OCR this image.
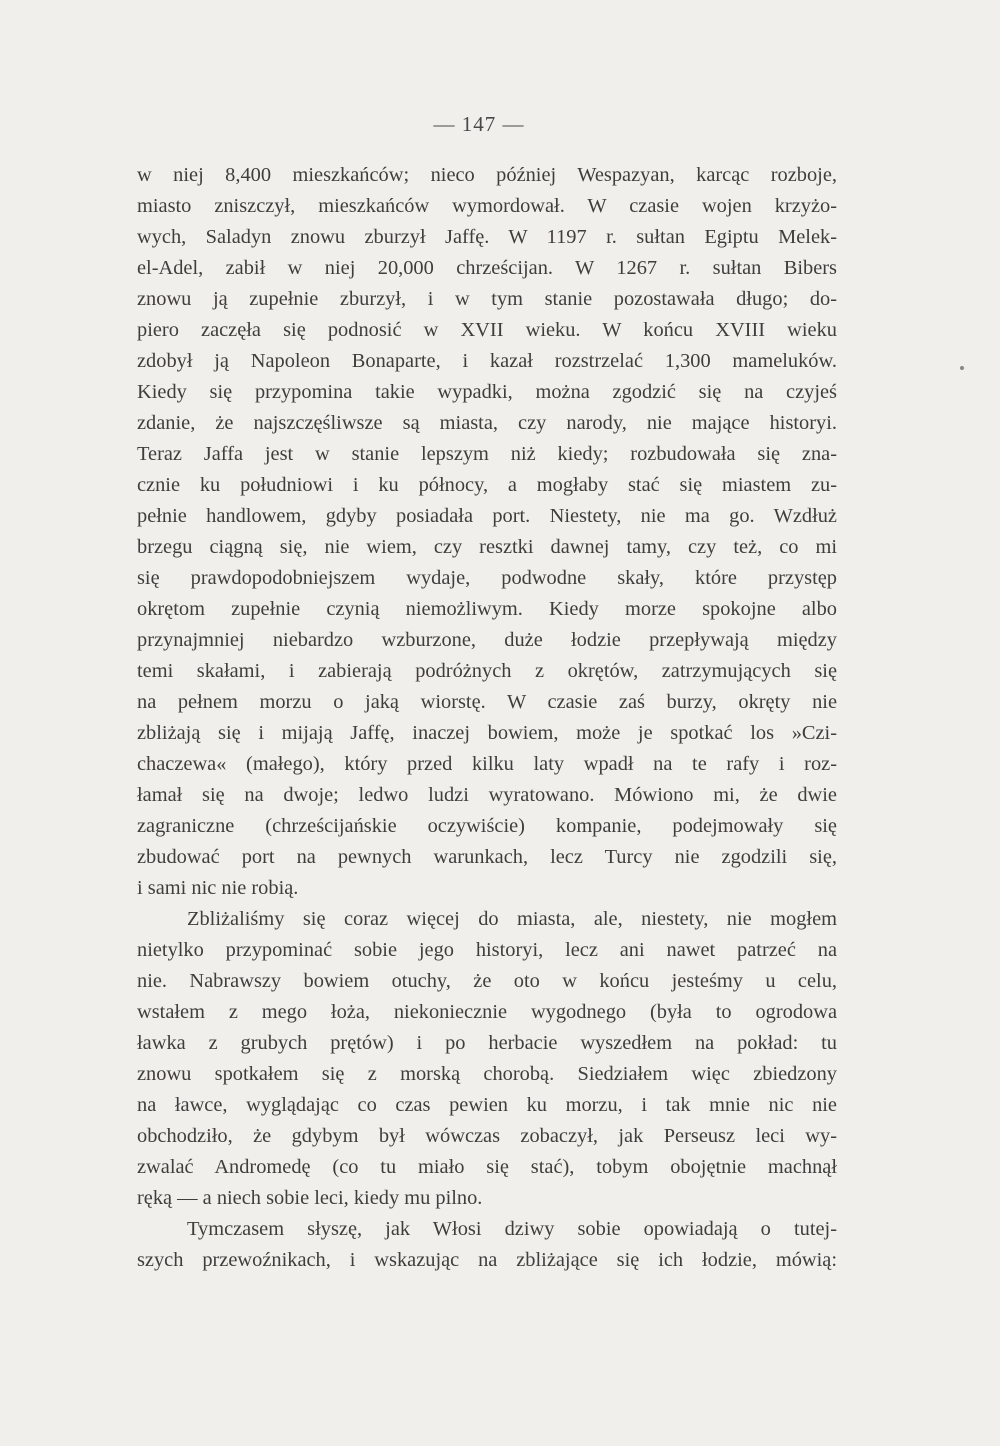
— 147 —
w niej 8,400 mieszkańców; nieco później Wespazyan, karcąc rozboje,
miasto zniszczył, mieszkańców wymordował. W czasie wojen krzyżo-
wych, Saladyn znowu zburzył Jaffę. W 1197 r. sułtan Egiptu Melek-
el-Adel, zabił w niej 20,000 chrześcijan. W 1267 r. sułtan Bibers
znowu ją zupełnie zburzył, i w tym stanie pozostawała długo; do-
piero zaczęła się podnosić w XVII wieku. W końcu XVIII wieku
zdobył ją Napoleon Bonaparte, i kazał rozstrzelać 1,300 mameluków.
Kiedy się przypomina takie wypadki, można zgodzić się na czyjeś
zdanie, że najszczęśliwsze są miasta, czy narody, nie mające historyi.
Teraz Jaffa jest w stanie lepszym niż kiedy; rozbudowała się zna-
cznie ku południowi i ku północy, a mogłaby stać się miastem zu-
pełnie handlowem, gdyby posiadała port. Niestety, nie ma go. Wzdłuż
brzegu ciągną się, nie wiem, czy resztki dawnej tamy, czy też, co mi
się prawdopodobniejszem wydaje, podwodne skały, które przystęp
okrętom zupełnie czynią niemożliwym. Kiedy morze spokojne albo
przynajmniej niebardzo wzburzone, duże łodzie przepływają między
temi skałami, i zabierają podróżnych z okrętów, zatrzymujących się
na pełnem morzu o jaką wiorstę. W czasie zaś burzy, okręty nie
zbliżają się i mijają Jaffę, inaczej bowiem, może je spotkać los »Czi-
chaczewa« (małego), który przed kilku laty wpadł na te rafy i roz-
łamał się na dwoje; ledwo ludzi wyratowano. Mówiono mi, że dwie
zagraniczne (chrześcijańskie oczywiście) kompanie, podejmowały się
zbudować port na pewnych warunkach, lecz Turcy nie zgodzili się,
i sami nic nie robią.
Zbliżaliśmy się coraz więcej do miasta, ale, niestety, nie mogłem
nietylko przypominać sobie jego historyi, lecz ani nawet patrzeć na
nie. Nabrawszy bowiem otuchy, że oto w końcu jesteśmy u celu,
wstałem z mego łoża, niekoniecznie wygodnego (była to ogrodowa
ławka z grubych prętów) i po herbacie wyszedłem na pokład: tu
znowu spotkałem się z morską chorobą. Siedziałem więc zbiedzony
na ławce, wyglądając co czas pewien ku morzu, i tak mnie nic nie
obchodziło, że gdybym był wówczas zobaczył, jak Perseusz leci wy-
zwalać Andromedę (co tu miało się stać), tobym obojętnie machnął
ręką — a niech sobie leci, kiedy mu pilno.
Tymczasem słyszę, jak Włosi dziwy sobie opowiadają o tutej-
szych przewoźnikach, i wskazując na zbliżające się ich łodzie, mówią:
